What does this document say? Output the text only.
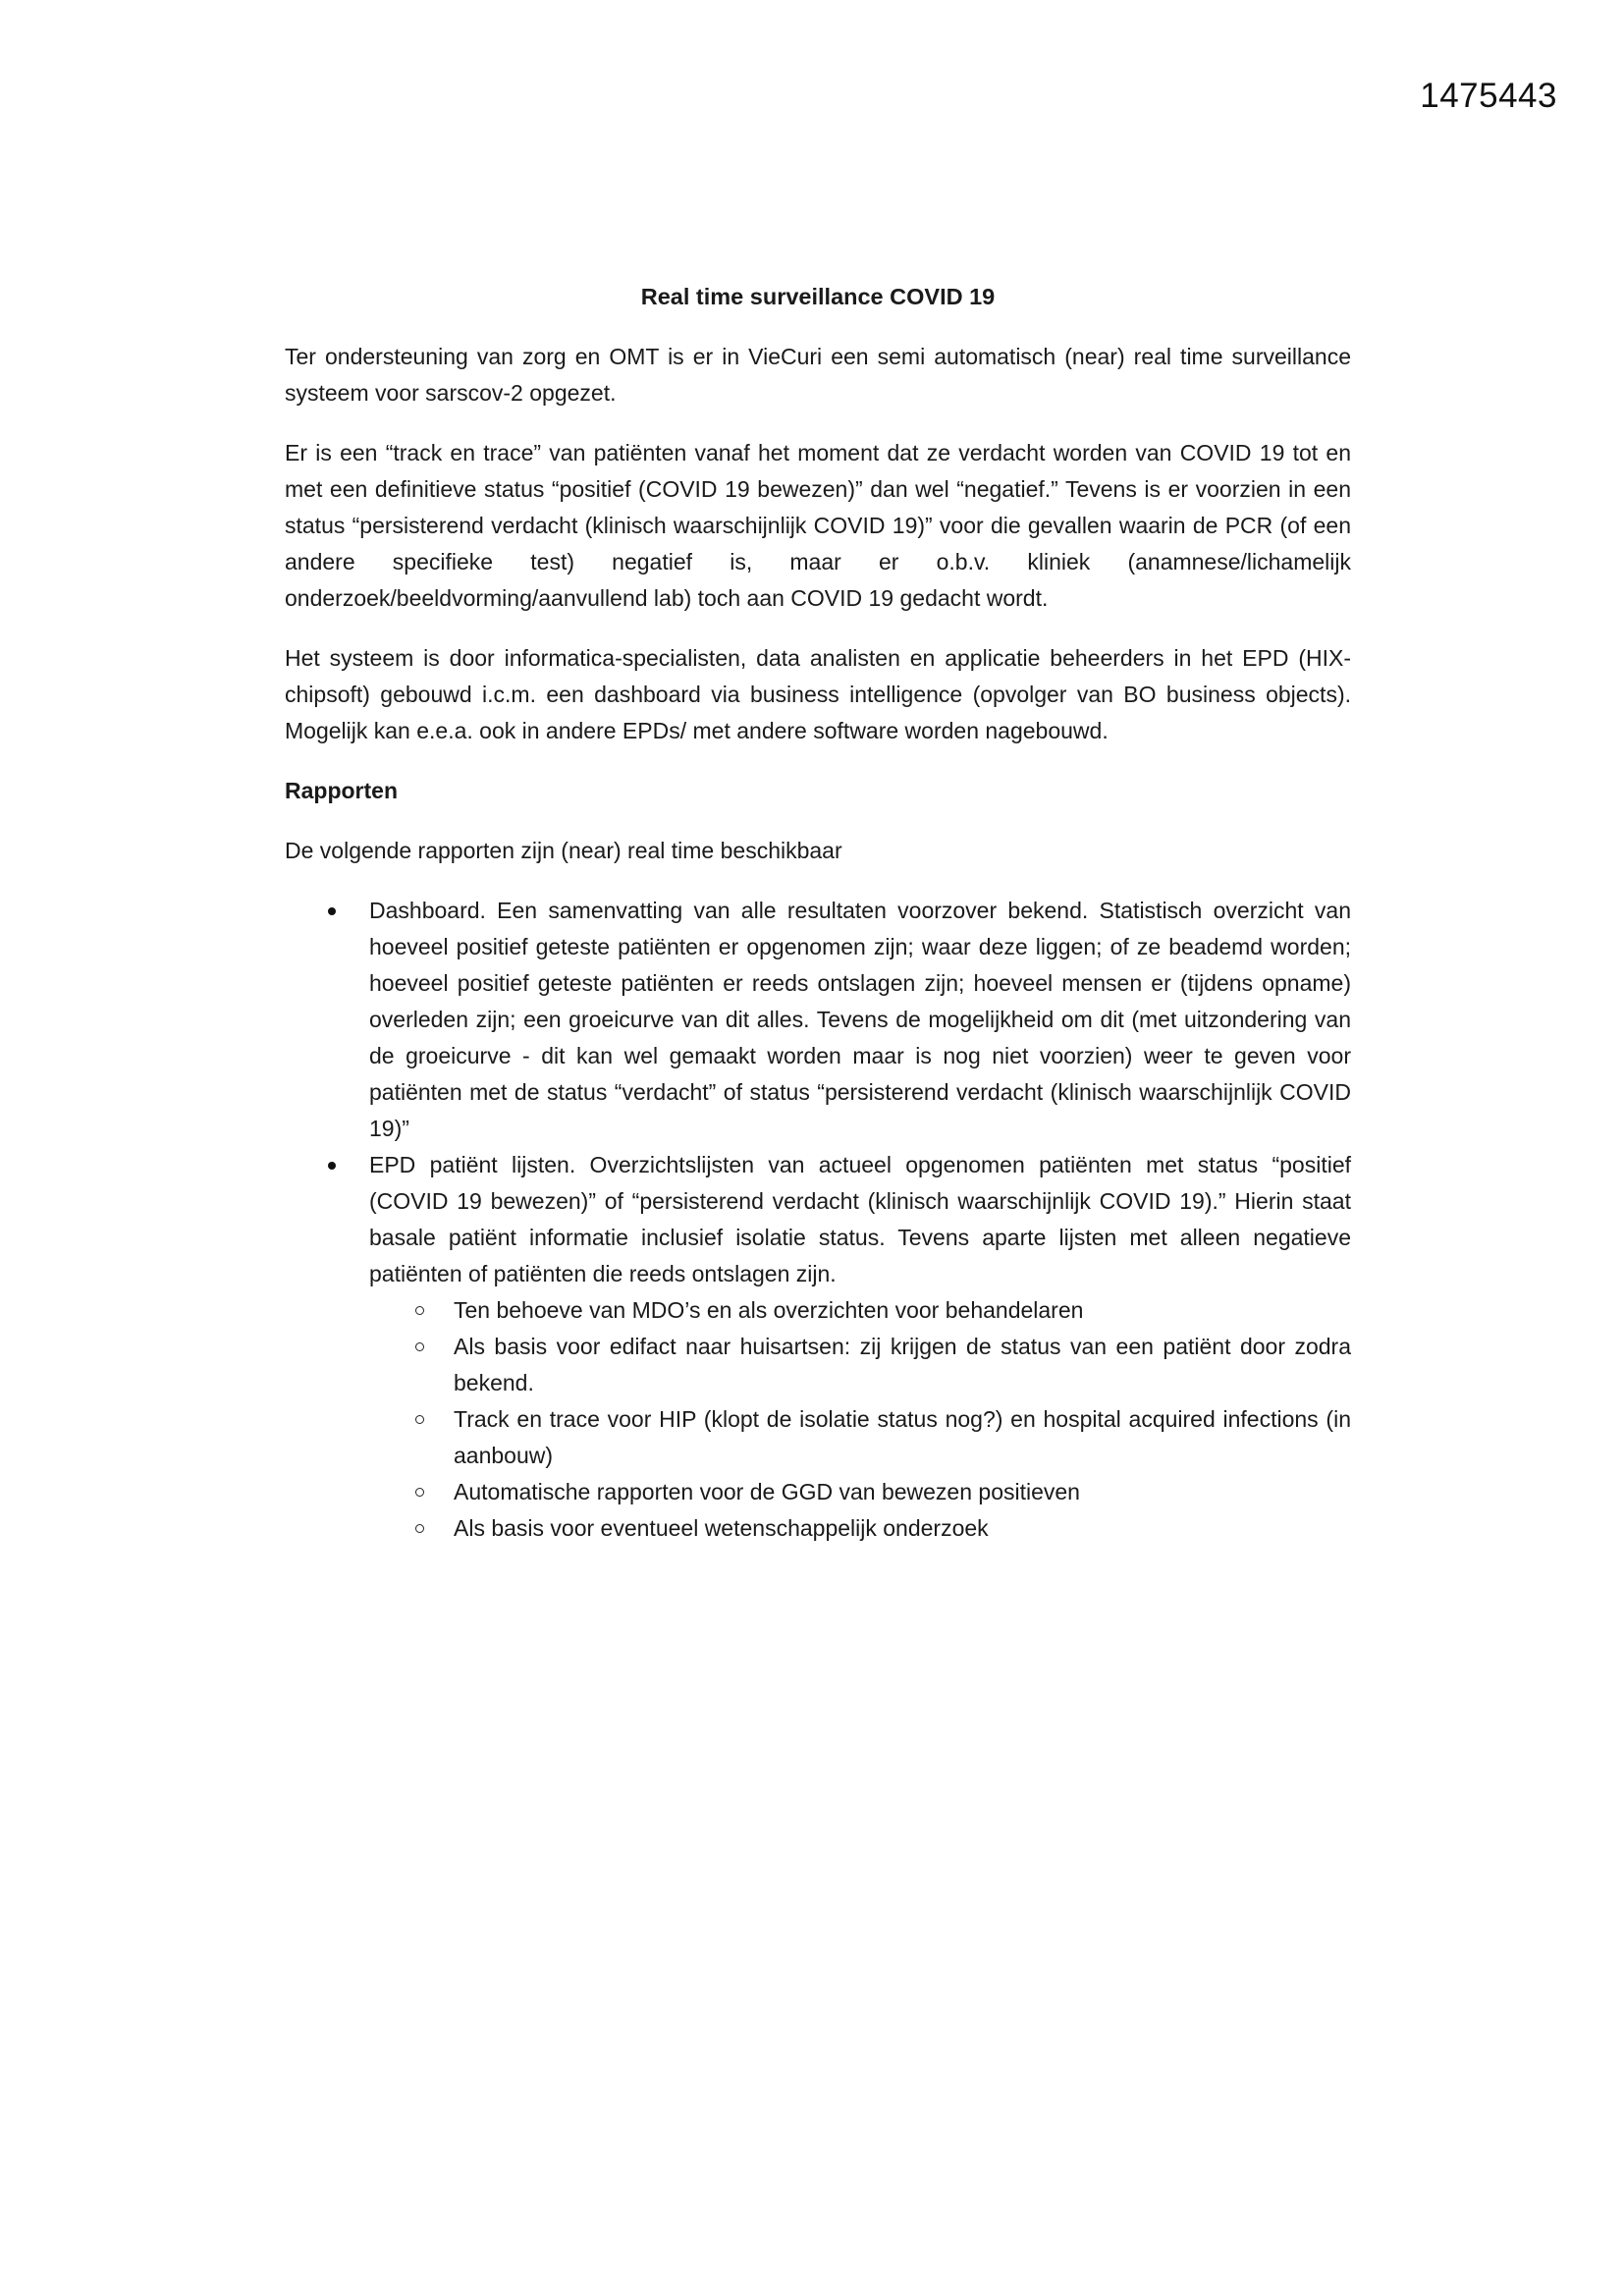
1475443
Real time surveillance COVID 19

Ter ondersteuning van zorg en OMT is er in VieCuri een semi automatisch (near) real time surveillance systeem voor sarscov-2 opgezet.

Er is een “track en trace” van patiënten vanaf het moment dat ze verdacht worden van COVID 19 tot en met een definitieve status “positief (COVID 19 bewezen)” dan wel “negatief.” Tevens is er voorzien in een status “persisterend verdacht (klinisch waarschijnlijk COVID 19)” voor die gevallen waarin de PCR (of een andere specifieke test) negatief is, maar er o.b.v. kliniek (anamnese/lichamelijk onderzoek/beeldvorming/aanvullend lab) toch aan COVID 19 gedacht wordt.

Het systeem is door informatica-specialisten, data analisten en applicatie beheerders in het EPD (HIX-chipsoft) gebouwd i.c.m. een dashboard via business intelligence (opvolger van BO business objects). Mogelijk kan e.e.a. ook in andere EPDs/ met andere software worden nagebouwd.

Rapporten

De volgende rapporten zijn (near) real time beschikbaar

Dashboard. Een samenvatting van alle resultaten voorzover bekend. Statistisch overzicht van hoeveel positief geteste patiënten er opgenomen zijn; waar deze liggen; of ze beademd worden; hoeveel positief geteste patiënten er reeds ontslagen zijn; hoeveel mensen er (tijdens opname) overleden zijn; een groeicurve van dit alles. Tevens de mogelijkheid om dit (met uitzondering van de groeicurve - dit kan wel gemaakt worden maar is nog niet voorzien) weer te geven voor patiënten met de status “verdacht” of status “persisterend verdacht (klinisch waarschijnlijk COVID 19)”
EPD patiënt lijsten. Overzichtslijsten van actueel opgenomen patiënten met status “positief (COVID 19 bewezen)” of “persisterend verdacht (klinisch waarschijnlijk COVID 19).” Hierin staat basale patiënt informatie inclusief isolatie status. Tevens aparte lijsten met alleen negatieve patiënten of patiënten die reeds ontslagen zijn.
Ten behoeve van MDO’s en als overzichten voor behandelaren
Als basis voor edifact naar huisartsen: zij krijgen de status van een patiënt door zodra bekend.
Track en trace voor HIP (klopt de isolatie status nog?) en hospital acquired infections (in aanbouw)
Automatische rapporten voor de GGD van bewezen positieven
Als basis voor eventueel wetenschappelijk onderzoek
